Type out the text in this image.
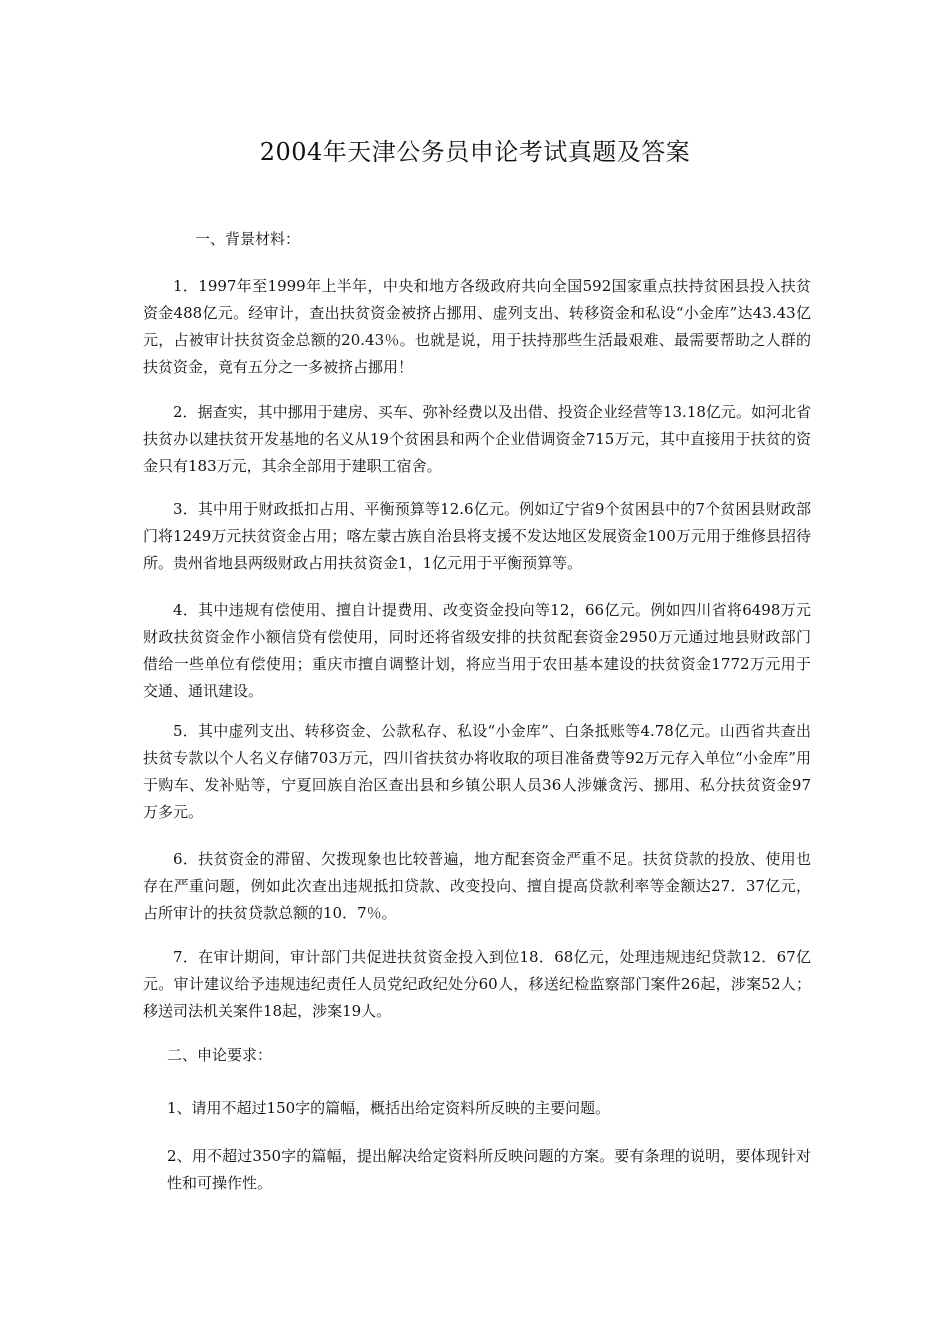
2004年天津公务员申论考试真题及答案
一、背景材料：
1．1997年至1999年上半年，中央和地方各级政府共向全国592国家重点扶持贫困县投入扶贫资金488亿元。经审计，查出扶贫资金被挤占挪用、虚列支出、转移资金和私设“小金库”达43.43亿元，占被审计扶贫资金总额的20.43％。也就是说，用于扶持那些生活最艰难、最需要帮助之人群的扶贫资金，竟有五分之一多被挤占挪用！
2．据查实，其中挪用于建房、买车、弥补经费以及出借、投资企业经营等13.18亿元。如河北省扶贫办以建扶贫开发基地的名义从19个贫困县和两个企业借调资金715万元，其中直接用于扶贫的资金只有183万元，其余全部用于建职工宿舍。
3．其中用于财政抵扣占用、平衡预算等12.6亿元。例如辽宁省9个贫困县中的7个贫困县财政部门将1249万元扶贫资金占用；喀左蒙古族自治县将支援不发达地区发展资金100万元用于维修县招待所。贵州省地县两级财政占用扶贫资金1，1亿元用于平衡预算等。
4．其中违规有偿使用、擅自计提费用、改变资金投向等12，66亿元。例如四川省将6498万元财政扶贫资金作小额信贷有偿使用，同时还将省级安排的扶贫配套资金2950万元通过地县财政部门借给一些单位有偿使用；重庆市擅自调整计划，将应当用于农田基本建设的扶贫资金1772万元用于交通、通讯建设。
5．其中虚列支出、转移资金、公款私存、私设“小金库”、白条抵账等4.78亿元。山西省共查出扶贫专款以个人名义存储703万元，四川省扶贫办将收取的项目准备费等92万元存入单位“小金库”用于购车、发补贴等，宁夏回族自治区查出县和乡镇公职人员36人涉嫌贪污、挪用、私分扶贫资金97万多元。
6．扶贫资金的滞留、欠拨现象也比较普遍，地方配套资金严重不足。扶贫贷款的投放、使用也存在严重问题，例如此次查出违规抵扣贷款、改变投向、擅自提高贷款利率等金额达27．37亿元，占所审计的扶贫贷款总额的10．7％。
7．在审计期间，审计部门共促进扶贫资金投入到位18．68亿元，处理违规违纪贷款12．67亿元。审计建议给予违规违纪责任人员党纪政纪处分60人，移送纪检监察部门案件26起，涉案52人；移送司法机关案件18起，涉案19人。
二、申论要求：
1、请用不超过150字的篇幅，概括出给定资料所反映的主要问题。
2、用不超过350字的篇幅，提出解决给定资料所反映问题的方案。要有条理的说明，要体现针对性和可操作性。
